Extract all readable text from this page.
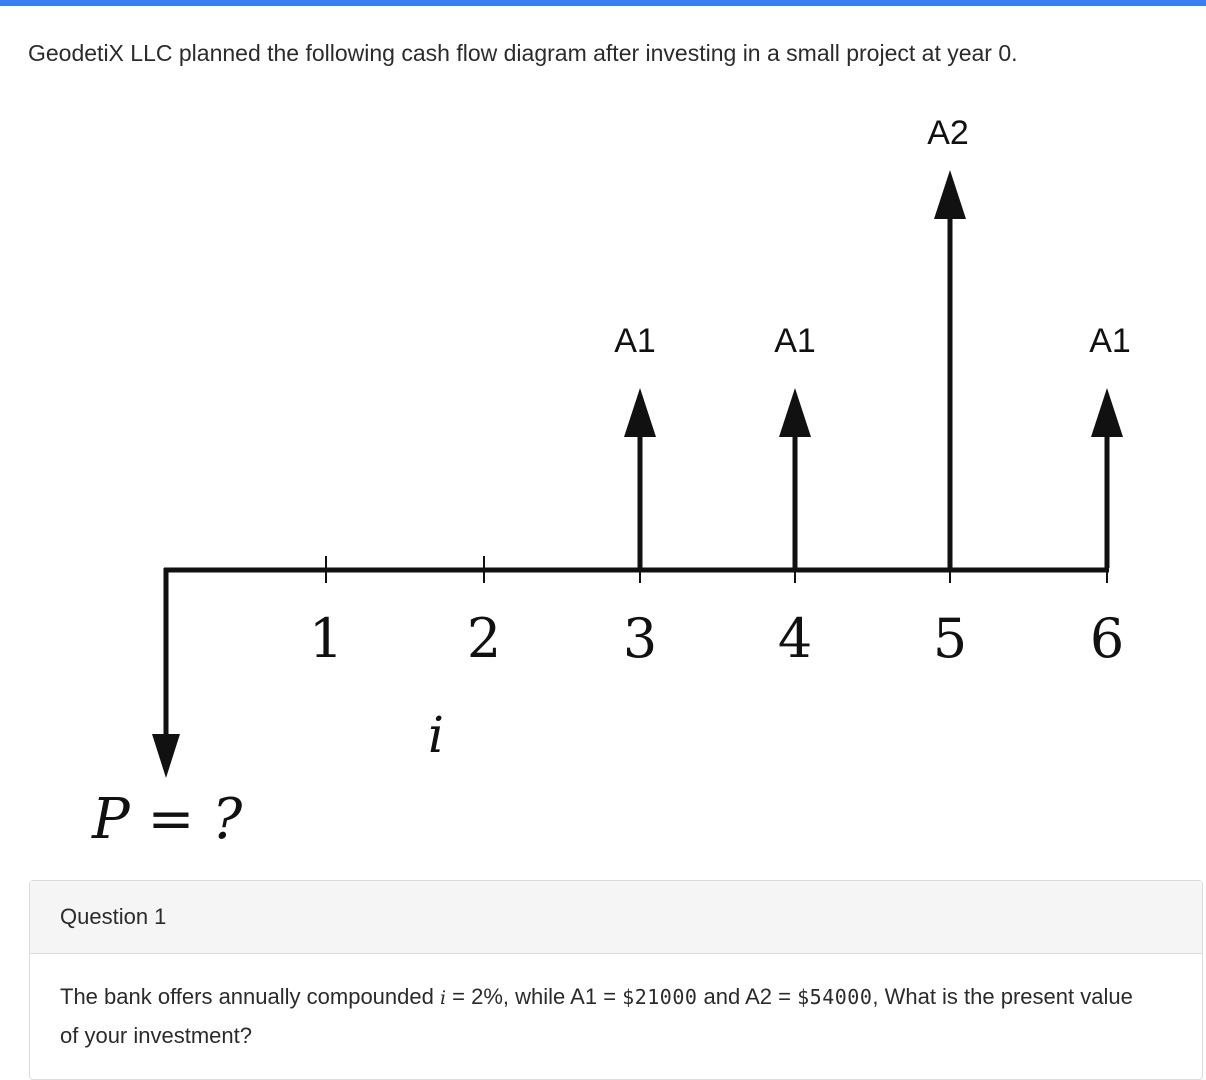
GeodetiX LLC planned the following cash flow diagram after investing in a small project at year 0.
1 2 3 4 5 6
i
P = ?
A1	A1
A2
A1
Question 1
The bank offers annually compounded i = 2%, while A1 = $21000 and A2 = $54000, What is the present value of your investment?
